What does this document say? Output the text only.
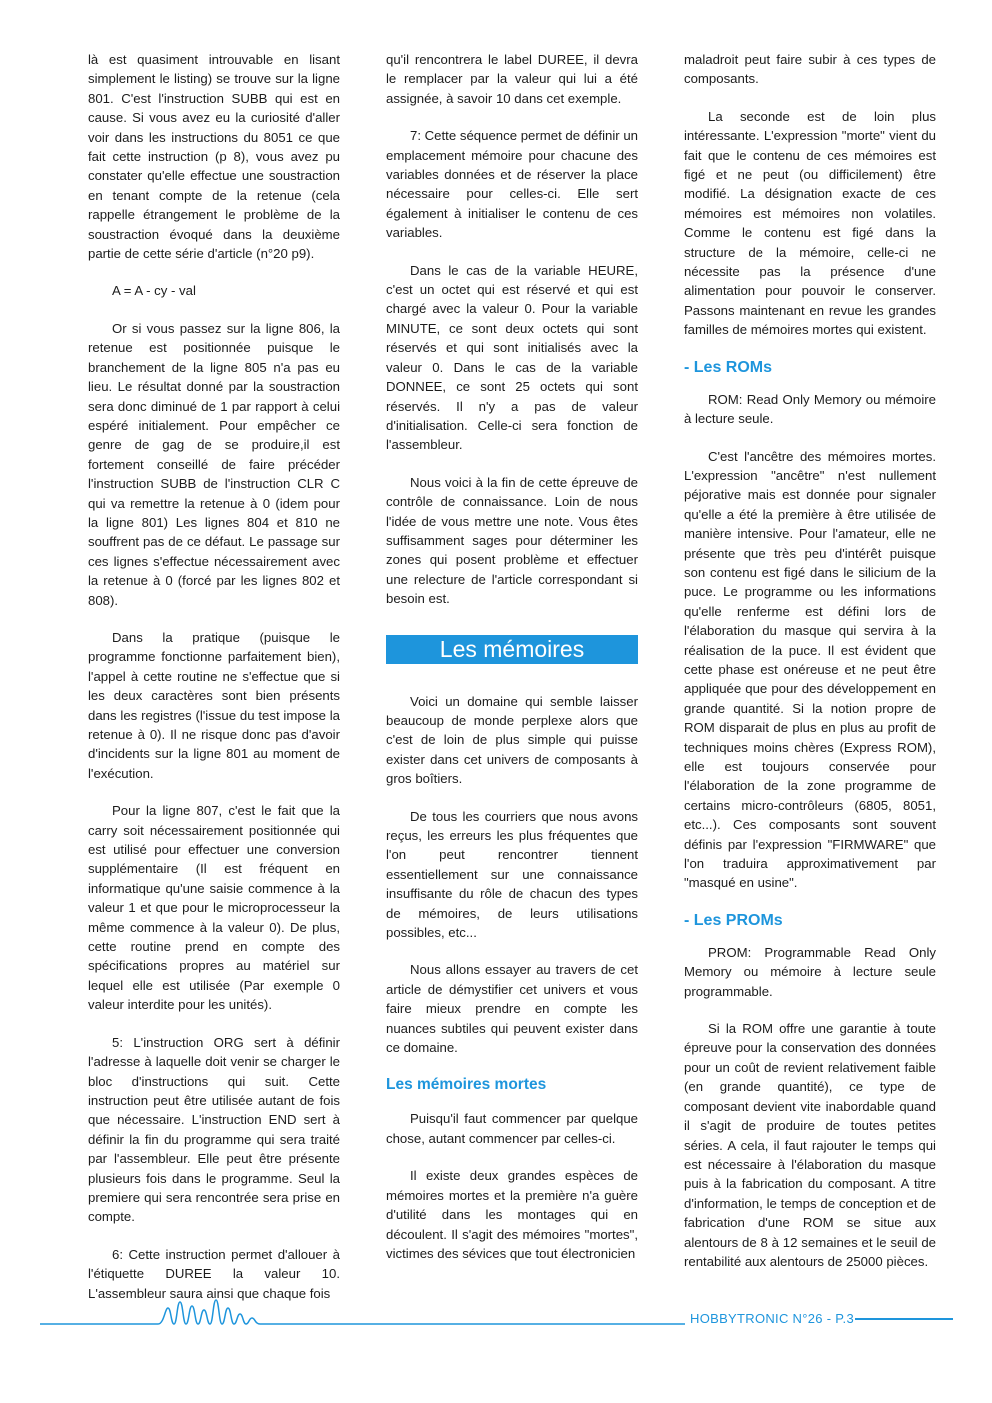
là est quasiment introuvable en lisant simplement le listing) se trouve sur la ligne 801. C'est l'instruction SUBB qui est en cause. Si vous avez eu la curiosité d'aller voir dans les instructions du 8051 ce que fait cette instruction (p 8), vous avez pu constater qu'elle effectue une soustraction en tenant compte de la retenue (cela rappelle étrangement le problème de la soustraction évoqué dans la deuxième partie de cette série d'article (n°20 p9).

A = A - cy - val

Or si vous passez sur la ligne 806, la retenue est positionnée puisque le branchement de la ligne 805 n'a pas eu lieu. Le résultat donné par la soustraction sera donc diminué de 1 par rapport à celui espéré initialement. Pour empêcher ce genre de gag de se produire,il est fortement conseillé de faire précéder l'instruction SUBB de l'instruction CLR C qui va remettre la retenue à 0 (idem pour la ligne 801) Les lignes 804 et 810 ne souffrent pas de ce défaut. Le passage sur ces lignes s'effectue nécessairement avec la retenue à 0 (forcé par les lignes 802 et 808).

Dans la pratique (puisque le programme fonctionne parfaitement bien), l'appel à cette routine ne s'effectue que si les deux caractères sont bien présents dans les registres (l'issue du test impose la retenue à 0). Il ne risque donc pas d'avoir d'incidents sur la ligne 801 au moment de l'exécution.

Pour la ligne 807, c'est le fait que la carry soit nécessairement positionnée qui est utilisé pour effectuer une conversion supplémentaire (Il est fréquent en informatique qu'une saisie commence à la valeur 1 et que pour le microprocesseur la même commence à la valeur 0). De plus, cette routine prend en compte des spécifications propres au matériel sur lequel elle est utilisée (Par exemple 0 valeur interdite pour les unités).

5: L'instruction ORG sert à définir l'adresse à laquelle doit venir se charger le bloc d'instructions qui suit. Cette instruction peut être utilisée autant de fois que nécessaire. L'instruction END sert à définir la fin du programme qui sera traité par l'assembleur. Elle peut être présente plusieurs fois dans le programme. Seul la premiere qui sera rencontrée sera prise en compte.

6: Cette instruction permet d'allouer à l'étiquette DUREE la valeur 10. L'assembleur saura ainsi que chaque fois

qu'il rencontrera le label DUREE, il devra le remplacer par la valeur qui lui a été assignée, à savoir 10 dans cet exemple.

7: Cette séquence permet de définir un emplacement mémoire pour chacune des variables données et de réserver la place nécessaire pour celles-ci. Elle sert également à initialiser le contenu de ces variables.

Dans le cas de la variable HEURE, c'est un octet qui est réservé et qui est chargé avec la valeur 0. Pour la variable MINUTE, ce sont deux octets qui sont réservés et qui sont initialisés avec la valeur 0. Dans le cas de la variable DONNEE, ce sont 25 octets qui sont réservés. Il n'y a pas de valeur d'initialisation. Celle-ci sera fonction de l'assembleur.

Nous voici à la fin de cette épreuve de contrôle de connaissance. Loin de nous l'idée de vous mettre une note. Vous êtes suffisamment sages pour déterminer les zones qui posent problème et effectuer une relecture de l'article correspondant si besoin est.

Les mémoires

Voici un domaine qui semble laisser beaucoup de monde perplexe alors que c'est de loin de plus simple qui puisse exister dans cet univers de composants à gros boîtiers.

De tous les courriers que nous avons reçus, les erreurs les plus fréquentes que l'on peut rencontrer tiennent essentiellement sur une connaissance insuffisante du rôle de chacun des types de mémoires, de leurs utilisations possibles, etc...

Nous allons essayer au travers de cet article de démystifier cet univers et vous faire mieux prendre en compte les nuances subtiles qui peuvent exister dans ce domaine.

Les mémoires mortes

Puisqu'il faut commencer par quelque chose, autant commencer par celles-ci.

Il existe deux grandes espèces de mémoires mortes et la première n'a guère d'utilité dans les montages qui en découlent. Il s'agit des mémoires "mortes", victimes des sévices que tout électronicien

maladroit peut faire subir à ces types de composants.

La seconde est de loin plus intéressante. L'expression "morte" vient du fait que le contenu de ces mémoires est figé et ne peut (ou difficilement) être modifié. La désignation exacte de ces mémoires est mémoires non volatiles. Comme le contenu est figé dans la structure de la mémoire, celle-ci ne nécessite pas la présence d'une alimentation pour pouvoir le conserver. Passons maintenant en revue les grandes familles de mémoires mortes qui existent.

- Les ROMs

ROM: Read Only Memory ou mémoire à lecture seule.

C'est l'ancêtre des mémoires mortes. L'expression "ancêtre" n'est nullement péjorative mais est donnée pour signaler qu'elle a été la première à être utilisée de manière intensive. Pour l'amateur, elle ne présente que très peu d'intérêt puisque son contenu est figé dans le silicium de la puce. Le programme ou les informations qu'elle renferme est défini lors de l'élaboration du masque qui servira à la réalisation de la puce. Il est évident que cette phase est onéreuse et ne peut être appliquée que pour des développement en grande quantité. Si la notion propre de ROM disparait de plus en plus au profit de techniques moins chères (Express ROM), elle est toujours conservée pour l'élaboration de la zone programme de certains micro-contrôleurs (6805, 8051, etc...). Ces composants sont souvent définis par l'expression "FIRMWARE" que l'on traduira approximativement par "masqué en usine".

- Les PROMs

PROM: Programmable Read Only Memory ou mémoire à lecture seule programmable.

Si la ROM offre une garantie à toute épreuve pour la conservation des données pour un coût de revient relativement faible (en grande quantité), ce type de composant devient vite inabordable quand il s'agit de produire de toutes petites séries. A cela, il faut rajouter le temps qui est nécessaire à l'élaboration du masque puis à la fabrication du composant. A titre d'information, le temps de conception et de fabrication d'une ROM se situe aux alentours de 8 à 12 semaines et le seuil de rentabilité aux alentours de 25000 pièces.

HOBBYTRONIC N°26 - P.3
